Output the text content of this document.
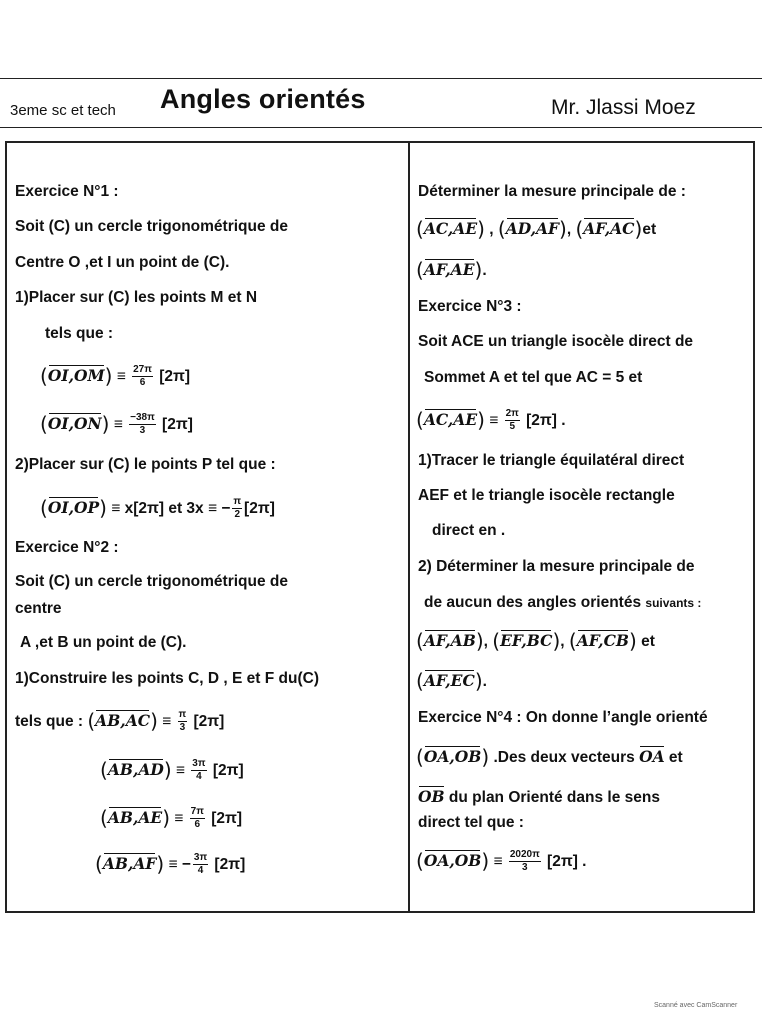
3eme sc et tech Angles orientés	Mr. Jlassi Moez
Exercice N°1 :
Soit (C) un cercle trigonométrique de
Centre O ,et I un point de (C).
1)Placer sur (C) les points M et N
tels que :
$(OI,OM) \equiv \frac{27\pi}{6} [2\pi]$
$(OI,ON) \equiv \frac{-38\pi}{3} [2\pi]$
2)Placer sur (C) le points P tel que :
(OI,OP) ≡ x[2π] et 3x ≡ − $\frac{\pi}{2} [2\pi]$
Exercice N°2 :
Soit (C) un cercle trigonométrique de
centre
A ,et B un point de (C).
1)Construire les points C, D , E et F du(C)
tels que : $(AB,AC) \equiv \frac{\pi}{3} [2\pi]$
$(AB,AD) \equiv \frac{3\pi}{4} [2\pi]$
$(AB,AE) \equiv \frac{7\pi}{6} [2\pi]$
(AB,AF) ≡ − $\frac{3\pi}{4} [2\pi]$
Déterminer la mesure principale de :
(AC,AE) , (AD,AF), (AF,AC)et
(AF,AE).
Exercice N°3 :
Soit ACE un triangle isocèle direct de
Sommet A et tel que AC = 5 et
$(AC,AE) \equiv \frac{2\pi}{5} [2\pi]$ .
1)Tracer le triangle équilatéral direct
AEF et le triangle isocèle rectangle
direct en .
2) Déterminer la mesure principale de
de aucun des angles orientés suivants :
(AF,AB), (EF,BC), (AF,CB) et
(AF,EC).
Exercice N°4 : On donne l’angle orienté
(OA,OB) .Des deux vecteurs OA et
OB du plan Orienté dans le sens
direct tel que :
$(OA,OB) \equiv \frac{2020\pi}{3} [2\pi]$ .
Scanné avec CamScanner
